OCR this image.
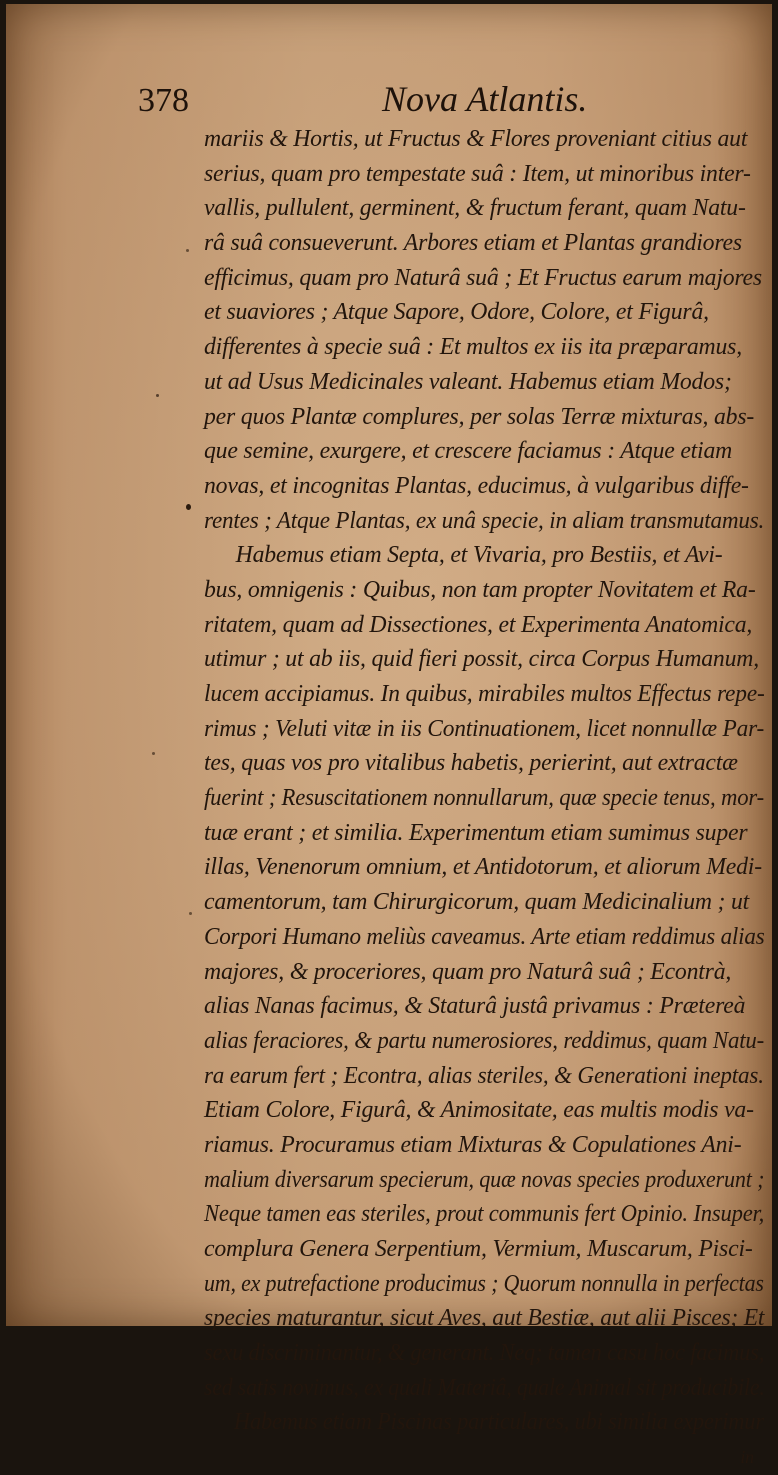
378	Nova Atlantis.
mariis & Hortis, ut Fructus & Flores proveniant citius aut
serius, quam pro tempestate suâ : Item, ut minoribus inter-
vallis, pullulent, germinent, & fructum ferant, quam Natu-
râ suâ consueverunt. Arbores etiam et Plantas grandiores
efficimus, quam pro Naturâ suâ ; Et Fructus earum majores
et suaviores ; Atque Sapore, Odore, Colore, et Figurâ,
differentes à specie suâ : Et multos ex iis ita præparamus,
ut ad Usus Medicinales valeant. Habemus etiam Modos;
per quos Plantæ complures, per solas Terræ mixturas, abs-
que semine, exurgere, et crescere faciamus : Atque etiam
novas, et incognitas Plantas, educimus, à vulgaribus diffe-
rentes ; Atque Plantas, ex unâ specie, in aliam transmutamus.
Habemus etiam Septa, et Vivaria, pro Bestiis, et Avi-
bus, omnigenis : Quibus, non tam propter Novitatem et Ra-
ritatem, quam ad Dissectiones, et Experimenta Anatomica,
utimur ; ut ab iis, quid fieri possit, circa Corpus Humanum,
lucem accipiamus. In quibus, mirabiles multos Effectus repe-
rimus ; Veluti vitæ in iis Continuationem, licet nonnullæ Par-
tes, quas vos pro vitalibus habetis, perierint, aut extractæ
fuerint ; Resuscitationem nonnullarum, quæ specie tenus, mor-
tuæ erant ; et similia. Experimentum etiam sumimus super
illas, Venenorum omnium, et Antidotorum, et aliorum Medi-
camentorum, tam Chirurgicorum, quam Medicinalium ; ut
Corpori Humano meliùs caveamus. Arte etiam reddimus alias
majores, & proceriores, quam pro Naturâ suâ ; Econtrà,
alias Nanas facimus, & Staturâ justâ privamus : Prætereà
alias feraciores, & partu numerosiores, reddimus, quam Natu-
ra earum fert ; Econtra, alias steriles, & Generationi ineptas.
Etiam Colore, Figurâ, & Animositate, eas multis modis va-
riamus. Procuramus etiam Mixturas & Copulationes Ani-
malium diversarum specierum, quæ novas species produxerunt ;
Neque tamen eas steriles, prout communis fert Opinio. Insuper,
complura Genera Serpentium, Vermium, Muscarum, Pisci-
um, ex putrefactione producimus ; Quorum nonnulla in perfectas
species maturantur, sicut Aves, aut Bestiæ, aut alii Pisces; Et
sexu discriminantur, & generant. Neq; tamen casu hoc facimus,
sed satis novimus, ex quali Materiâ, quale Animal sit producibile.
Habemus etiam Piscinas particulares, ubi similia experimur
in
